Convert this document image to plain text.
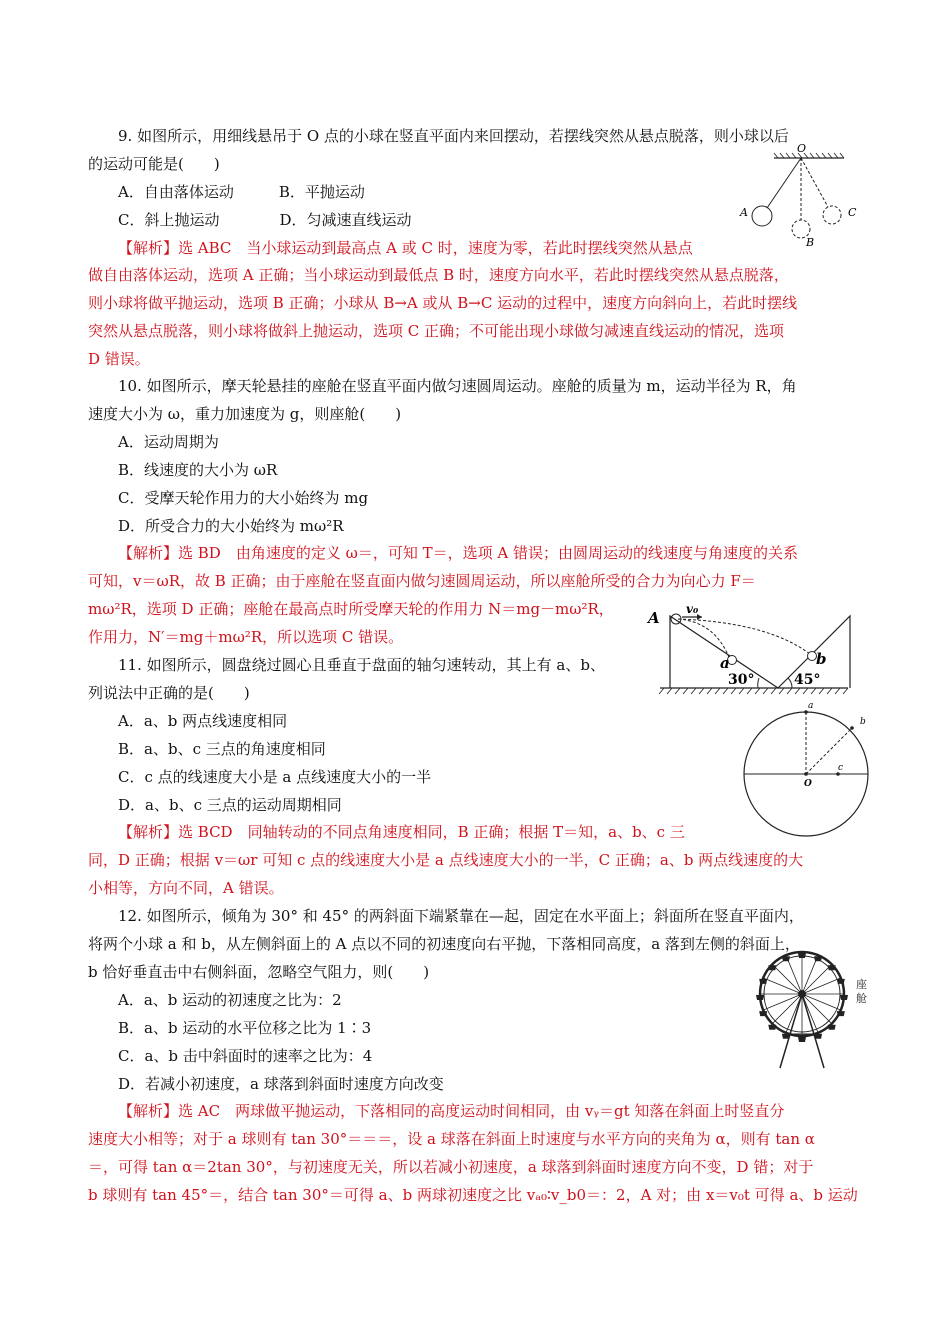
9. 如图所示，用细线悬吊于 O 点的小球在竖直平面内来回摆动，若摆线突然从悬点脱落，则小球以后
的运动可能是(　　)
A．自由落体运动　　　B．平抛运动
C．斜上抛运动　　　　D．匀减速直线运动
【解析】选 ABC　当小球运动到最高点 A 或 C 时，速度为零，若此时摆线突然从悬点
做自由落体运动，选项 A 正确；当小球运动到最低点 B 时，速度方向水平，若此时摆线突然从悬点脱落，
则小球将做平抛运动，选项 B 正确；小球从 B→A 或从 B→C 运动的过程中，速度方向斜向上，若此时摆线
突然从悬点脱落，则小球将做斜上抛运动，选项 C 正确；不可能出现小球做匀减速直线运动的情况，选项
D 错误。
O
A
B
C
10. 如图所示，摩天轮悬挂的座舱在竖直平面内做匀速圆周运动。座舱的质量为 m，运动半径为 R，角
速度大小为 ω，重力加速度为 g，则座舱(　　)
A．运动周期为
B．线速度的大小为 ωR
C．受摩天轮作用力的大小始终为 mg
D．所受合力的大小始终为 mω²R
【解析】选 BD　由角速度的定义 ω＝，可知 T＝，选项 A 错误；由圆周运动的线速度与角速度的关系
可知，v＝ωR，故 B 正确；由于座舱在竖直面内做匀速圆周运动，所以座舱所受的合力为向心力 F＝
mω²R，选项 D 正确；座舱在最高点时所受摩天轮的作用力 N＝mg－mω²R，
作用力，N′＝mg＋mω²R，所以选项 C 错误。
A v₀
a	b
30°	45°
11. 如图所示，圆盘绕过圆心且垂直于盘面的轴匀速转动，其上有 a、b、
列说法中正确的是(　　)
A．a、b 两点线速度相同
B．a、b、c 三点的角速度相同
C．c 点的线速度大小是 a 点线速度大小的一半
D．a、b、c 三点的运动周期相同
【解析】选 BCD　同轴转动的不同点角速度相同，B 正确；根据 T＝知，a、b、c 三
同，D 正确；根据 v＝ωr 可知 c 点的线速度大小是 a 点线速度大小的一半，C 正确；a、b 两点线速度的大
小相等，方向不同，A 错误。
a
b
c
O
12. 如图所示，倾角为 30° 和 45° 的两斜面下端紧靠在—起，固定在水平面上；斜面所在竖直平面内，
将两个小球 a 和 b，从左侧斜面上的 A 点以不同的初速度向右平抛，下落相同高度，a 落到左侧的斜面上，
b 恰好垂直击中右侧斜面，忽略空气阻力，则(　　)
A．a、b 运动的初速度之比为：2
B．a、b 运动的水平位移之比为 1∶3
C．a、b 击中斜面时的速率之比为：4
D．若减小初速度，a 球落到斜面时速度方向改变
【解析】选 AC　两球做平抛运动，下落相同的高度运动时间相同，由 vᵧ＝gt 知落在斜面上时竖直分
速度大小相等；对于 a 球则有 tan 30°＝＝＝，设 a 球落在斜面上时速度与水平方向的夹角为 α，则有 tan α
＝，可得 tan α＝2tan 30°，与初速度无关，所以若减小初速度，a 球落到斜面时速度方向不变，D 错；对于
b 球则有 tan 45°＝，结合 tan 30°＝可得 a、b 两球初速度之比 vₐ₀∶v_b0＝：2，A 对；由 x＝v₀t 可得 a、b 运动
座 舱
